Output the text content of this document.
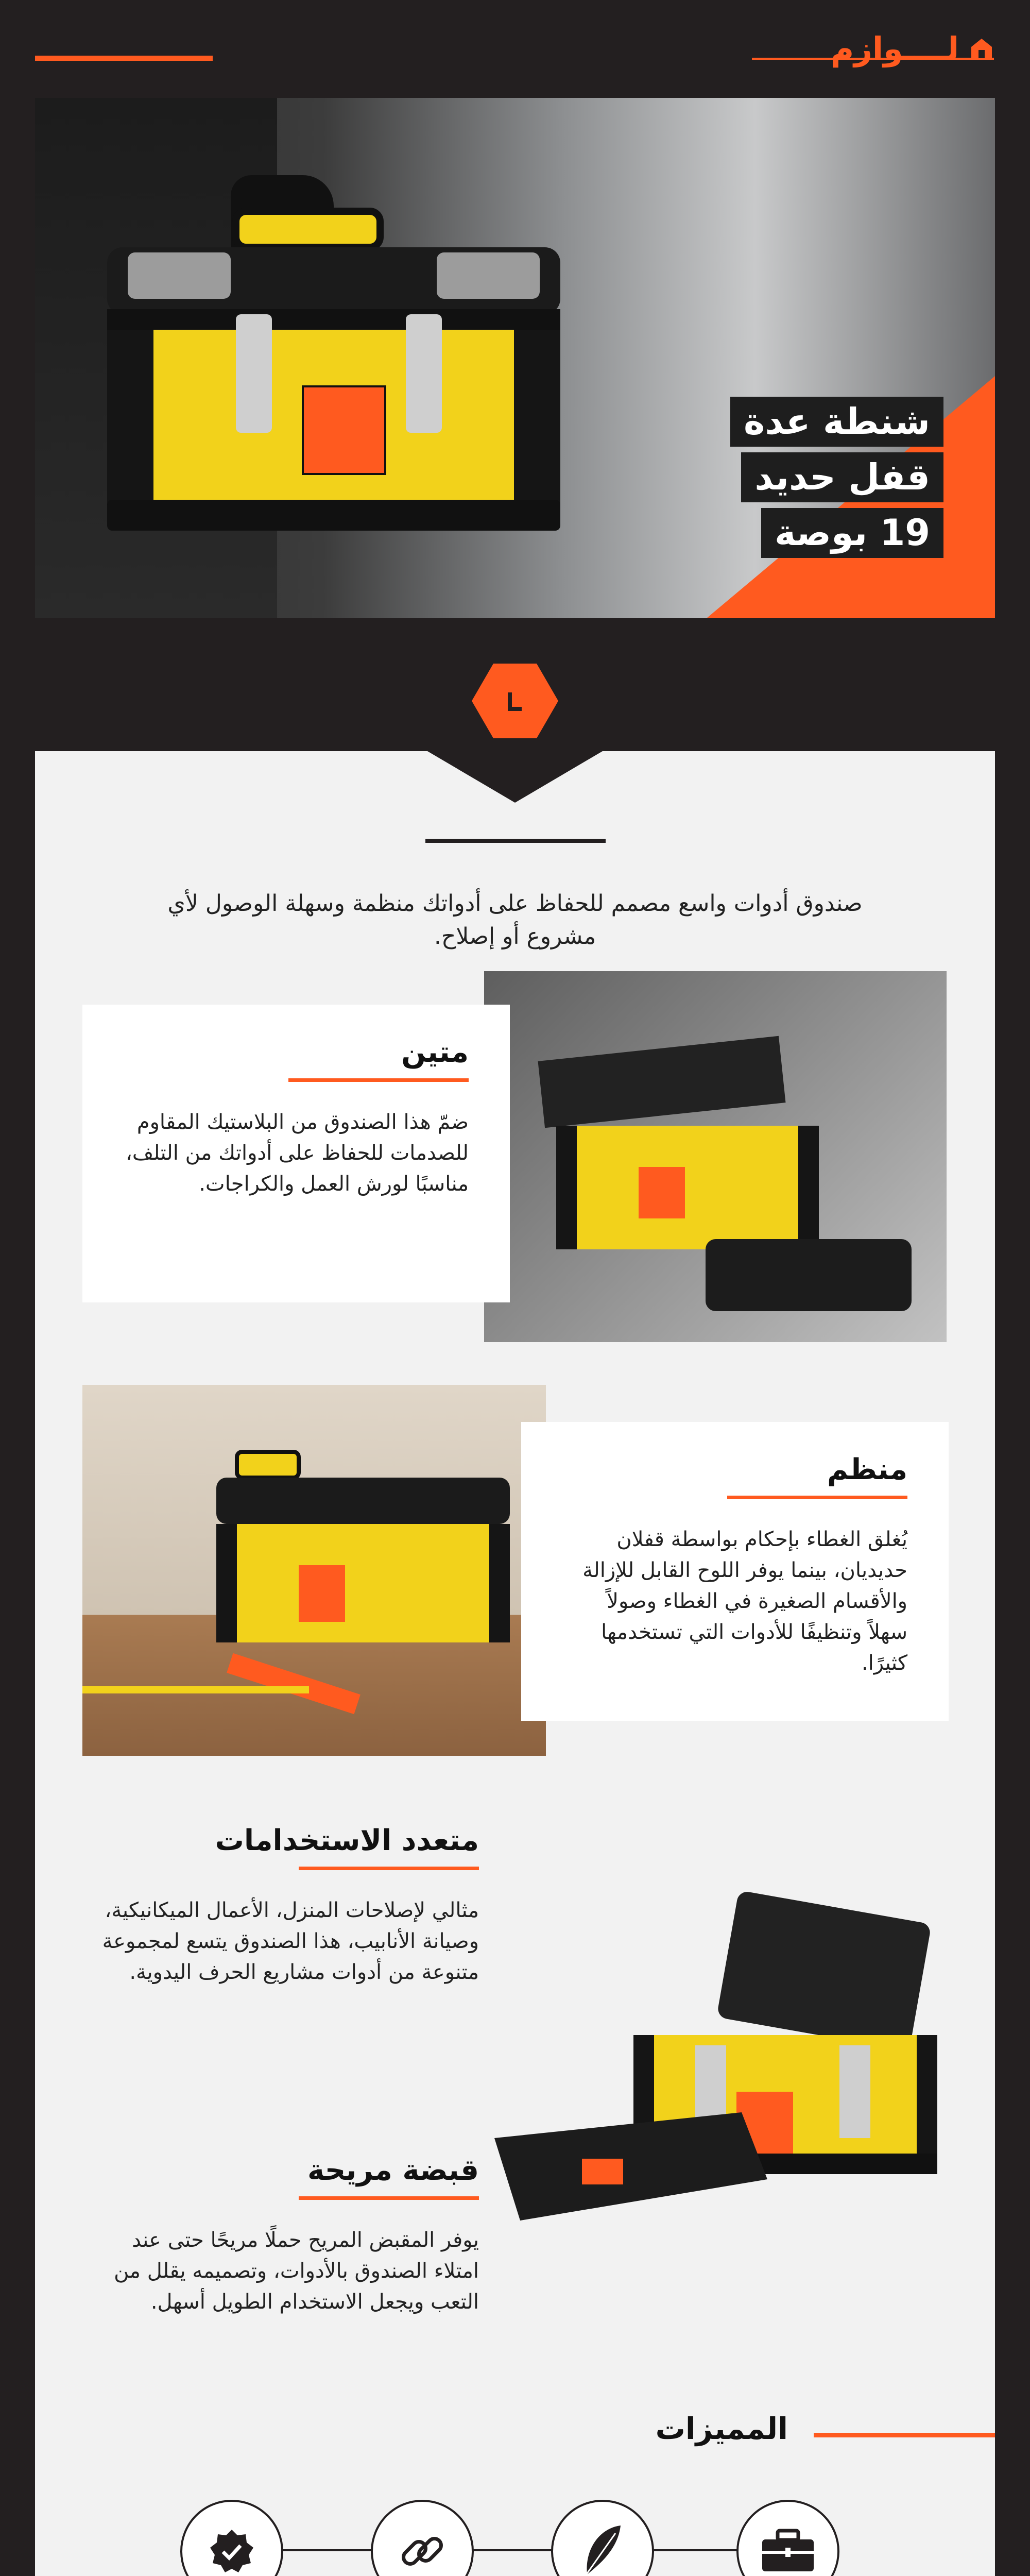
لــــوازم
شنطة عدة
قفل حديد
19 بوصة
صندوق أدوات واسع مصمم للحفاظ على أدواتك منظمة وسهلة الوصول لأي مشروع أو إصلاح.
متين
ضمّ هذا الصندوق من البلاستيك المقاوم للصدمات للحفاظ على أدواتك من التلف، مناسبًا لورش العمل والكراجات.
منظم
يُغلق الغطاء بإحكام بواسطة قفلان حديديان، بينما يوفر اللوح القابل للإزالة والأقسام الصغيرة في الغطاء وصولاً سهلاً وتنظيفًا للأدوات التي تستخدمها كثيرًا.
متعدد الاستخدامات
مثالي لإصلاحات المنزل، الأعمال الميكانيكية، وصيانة الأنابيب، هذا الصندوق يتسع لمجموعة متنوعة من أدوات مشاريع الحرف اليدوية.
قبضة مريحة
يوفر المقبض المريح حملًا مريحًا حتى عند امتلاء الصندوق بالأدوات، وتصميمه يقلل من التعب ويجعل الاستخدام الطويل أسهل.
المميزات
